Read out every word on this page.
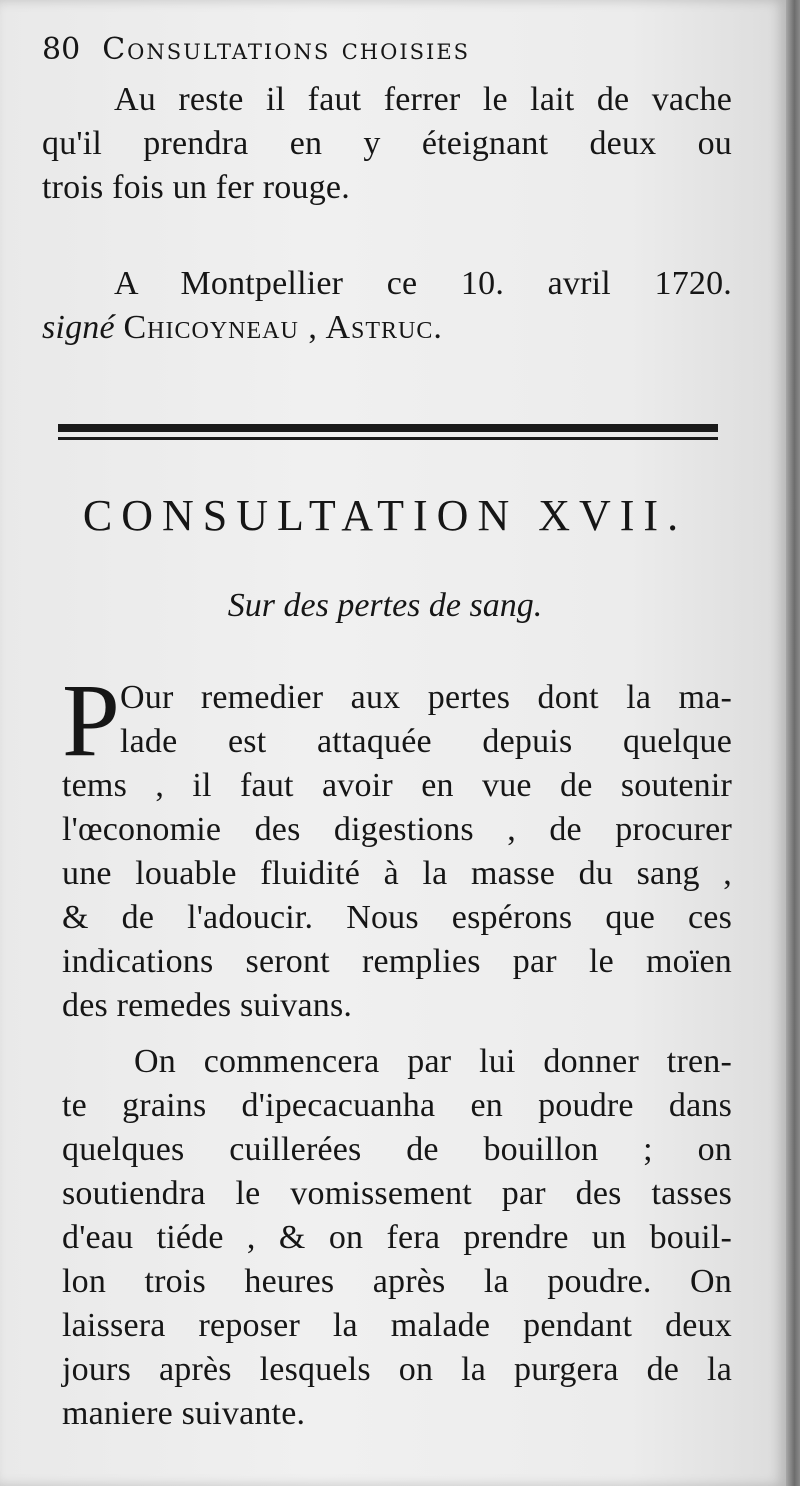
80 Consultations choisies
Au reste il faut ferrer le lait de vache
qu'il prendra en y éteignant deux ou
trois fois un fer rouge.
A Montpellier ce 10. avril 1720.
signé Chicoyneau , Astruc.
CONSULTATION XVII.
Sur des pertes de sang.
P Our remedier aux pertes dont la ma-
lade est attaquée depuis quelque
tems , il faut avoir en vue de soutenir
l'œconomie des digestions , de procurer
une louable fluidité à la masse du sang ,
& de l'adoucir. Nous espérons que ces
indications seront remplies par le moïen
des remedes suivans.
On commencera par lui donner tren-
te grains d'ipecacuanha en poudre dans
quelques cuillerées de bouillon ; on
soutiendra le vomissement par des tasses
d'eau tiéde , & on fera prendre un bouil-
lon trois heures après la poudre. On
laissera reposer la malade pendant deux
jours après lesquels on la purgera de la
maniere suivante.
